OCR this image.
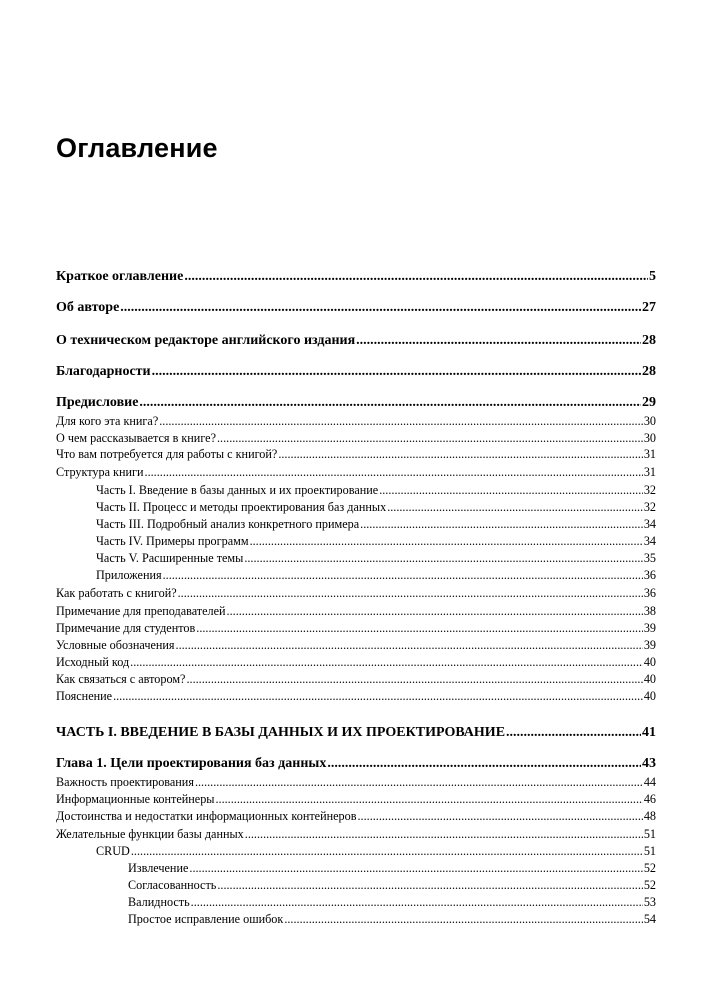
Оглавление
Краткое оглавление .....	5
Об авторе .....	27
О техническом редакторе английского издания .....	28
Благодарности .....	28
Предисловие .....	29
Для кого эта книга? .....	30
О чем рассказывается в книге? .....	30
Что вам потребуется для работы с книгой? .....	31
Структура книги .....	31
Часть I. Введение в базы данных и их проектирование .....	32
Часть II. Процесс и методы проектирования баз данных .....	32
Часть III. Подробный анализ конкретного примера .....	34
Часть IV. Примеры программ .....	34
Часть V. Расширенные темы .....	35
Приложения .....	36
Как работать с книгой? .....	36
Примечание для преподавателей .....	38
Примечание для студентов .....	39
Условные обозначения .....	39
Исходный код .....	40
Как связаться с автором? .....	40
Пояснение .....	40
ЧАСТЬ I. ВВЕДЕНИЕ В БАЗЫ ДАННЫХ И ИХ ПРОЕКТИРОВАНИЕ .....	41
Глава 1. Цели проектирования баз данных .....	43
Важность проектирования .....	44
Информационные контейнеры .....	46
Достоинства и недостатки информационных контейнеров .....	48
Желательные функции базы данных .....	51
CRUD .....	51
Извлечение .....	52
Согласованность .....	52
Валидность .....	53
Простое исправление ошибок .....	54
